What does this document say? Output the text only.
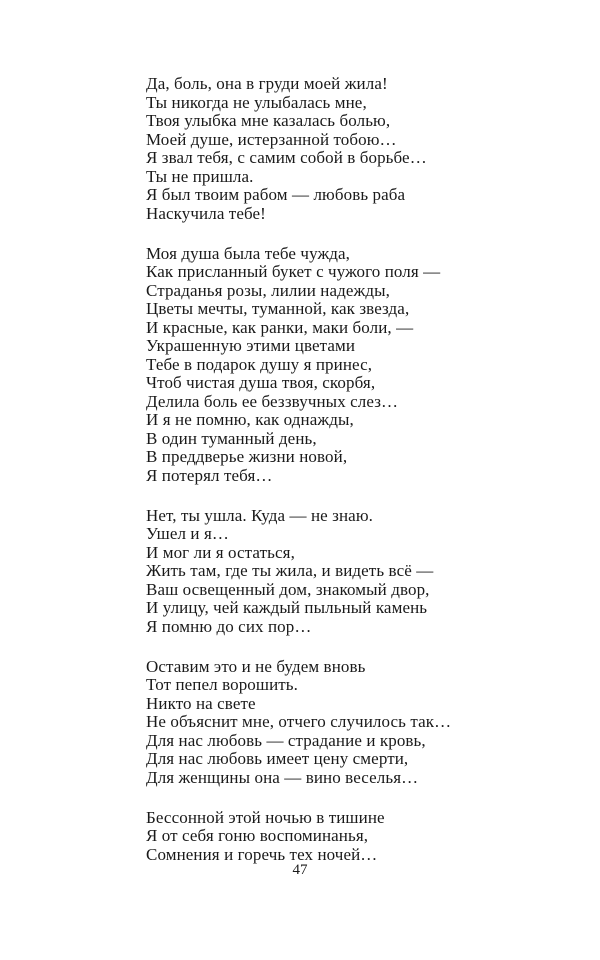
Да, боль, она в груди моей жила!
Ты никогда не улыбалась мне,
Твоя улыбка мне казалась болью,
Моей душе, истерзанной тобою…
Я звал тебя, с самим собой в борьбе…
Ты не пришла.
Я был твоим рабом — любовь раба
Наскучила тебе!
Моя душа была тебе чужда,
Как присланный букет с чужого поля —
Страданья розы, лилии надежды,
Цветы мечты, туманной, как звезда,
И красные, как ранки, маки боли, —
Украшенную этими цветами
Тебе в подарок душу я принес,
Чтоб чистая душа твоя, скорбя,
Делила боль ее беззвучных слез…
И я не помню, как однажды,
В один туманный день,
В преддверье жизни новой,
Я потерял тебя…
Нет, ты ушла. Куда — не знаю.
Ушел и я…
И мог ли я остаться,
Жить там, где ты жила, и видеть всё —
Ваш освещенный дом, знакомый двор,
И улицу, чей каждый пыльный камень
Я помню до сих пор…
Оставим это и не будем вновь
Тот пепел ворошить.
Никто на свете
Не объяснит мне, отчего случилось так…
Для нас любовь — страдание и кровь,
Для нас любовь имеет цену смерти,
Для женщины она — вино веселья…
Бессонной этой ночью в тишине
Я от себя гоню воспоминанья,
Сомнения и горечь тех ночей…
47
